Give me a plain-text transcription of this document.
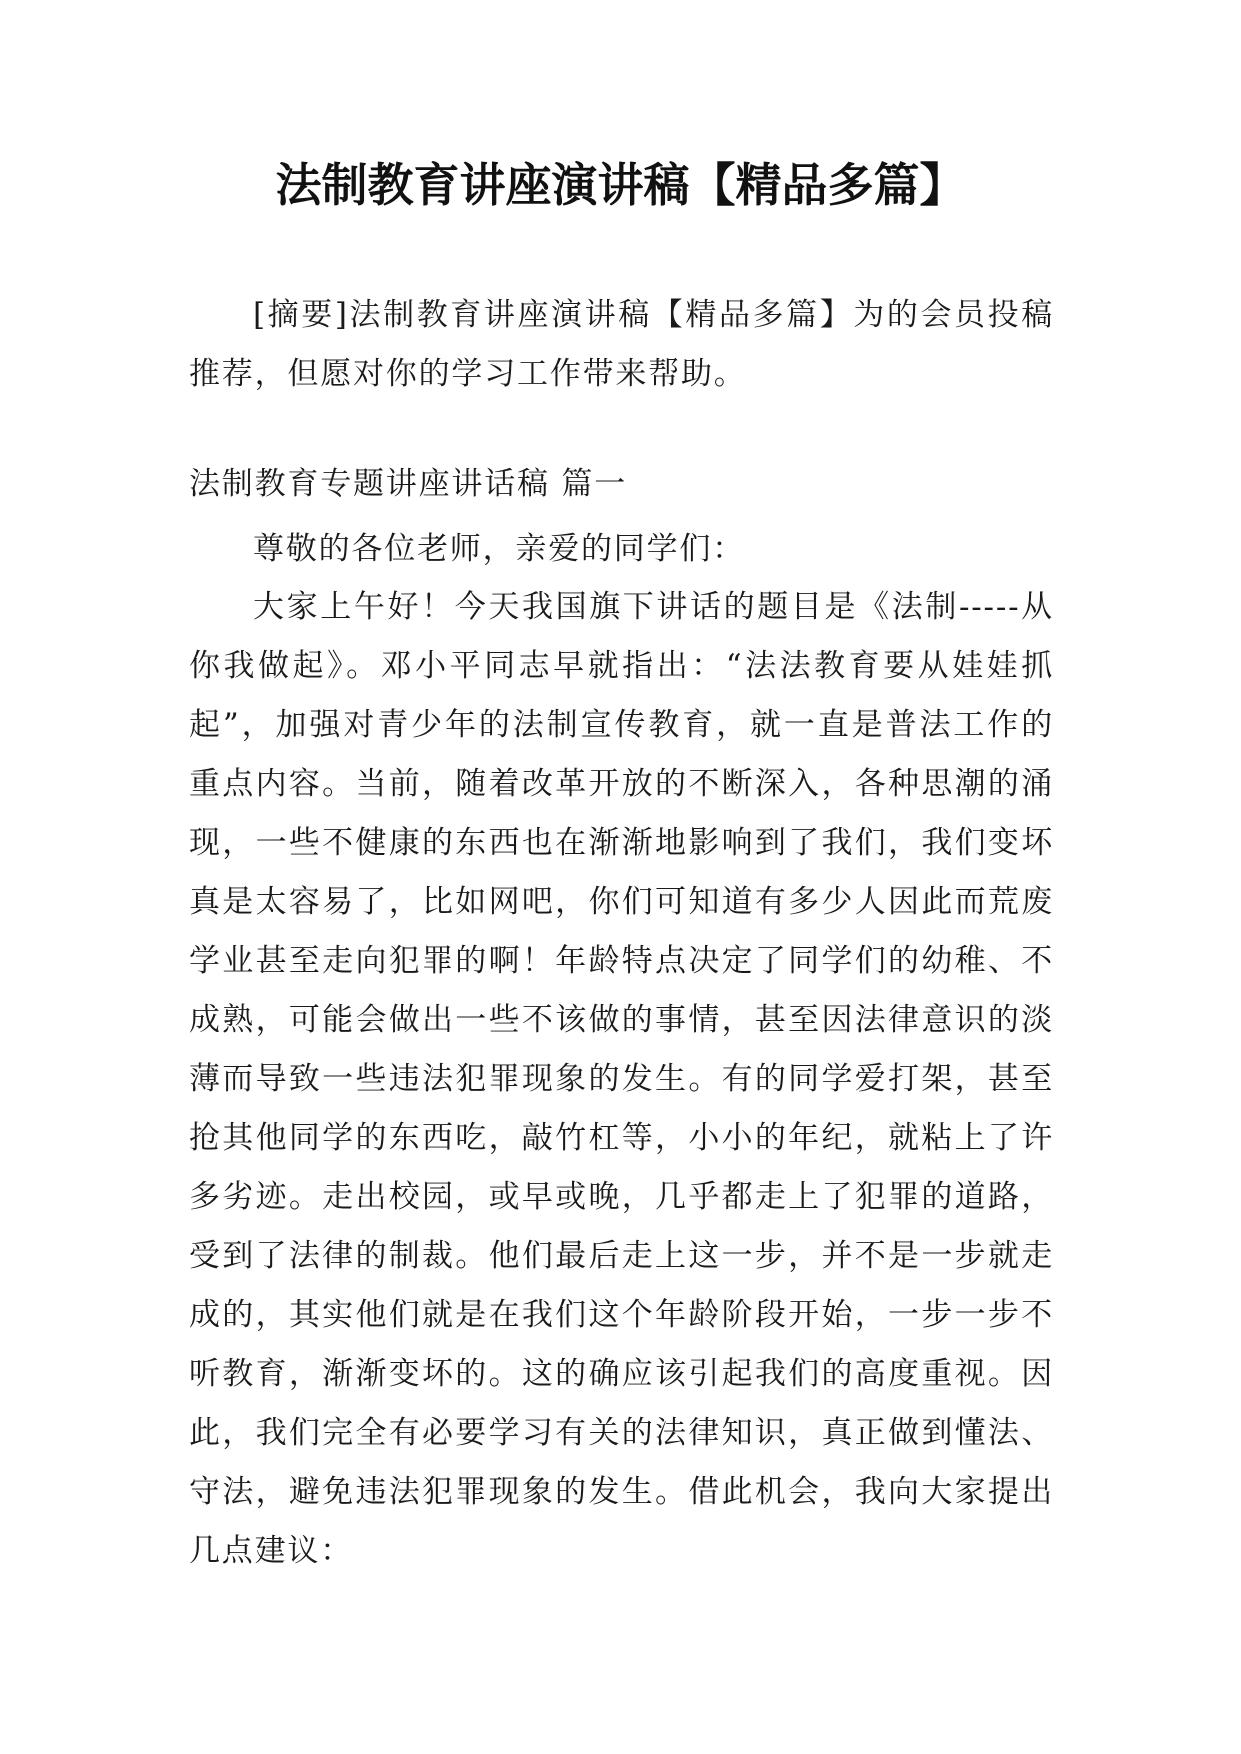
法制教育讲座演讲稿【精品多篇】

[摘要]法制教育讲座演讲稿【精品多篇】为的会员投稿推荐，但愿对你的学习工作带来帮助。

法制教育专题讲座讲话稿 篇一

尊敬的各位老师，亲爱的同学们：

大家上午好！今天我国旗下讲话的题目是《法制-----从你我做起》。邓小平同志早就指出：“法法教育要从娃娃抓起”，加强对青少年的法制宣传教育，就一直是普法工作的重点内容。当前，随着改革开放的不断深入，各种思潮的涌现，一些不健康的东西也在渐渐地影响到了我们，我们变坏真是太容易了，比如网吧，你们可知道有多少人因此而荒废学业甚至走向犯罪的啊！年龄特点决定了同学们的幼稚、不成熟，可能会做出一些不该做的事情，甚至因法律意识的淡薄而导致一些违法犯罪现象的发生。有的同学爱打架，甚至抢其他同学的东西吃，敲竹杠等，小小的年纪，就粘上了许多劣迹。走出校园，或早或晚，几乎都走上了犯罪的道路，受到了法律的制裁。他们最后走上这一步，并不是一步就走成的，其实他们就是在我们这个年龄阶段开始，一步一步不听教育，渐渐变坏的。这的确应该引起我们的高度重视。因此，我们完全有必要学习有关的法律知识，真正做到懂法、守法，避免违法犯罪现象的发生。借此机会，我向大家提出几点建议：
